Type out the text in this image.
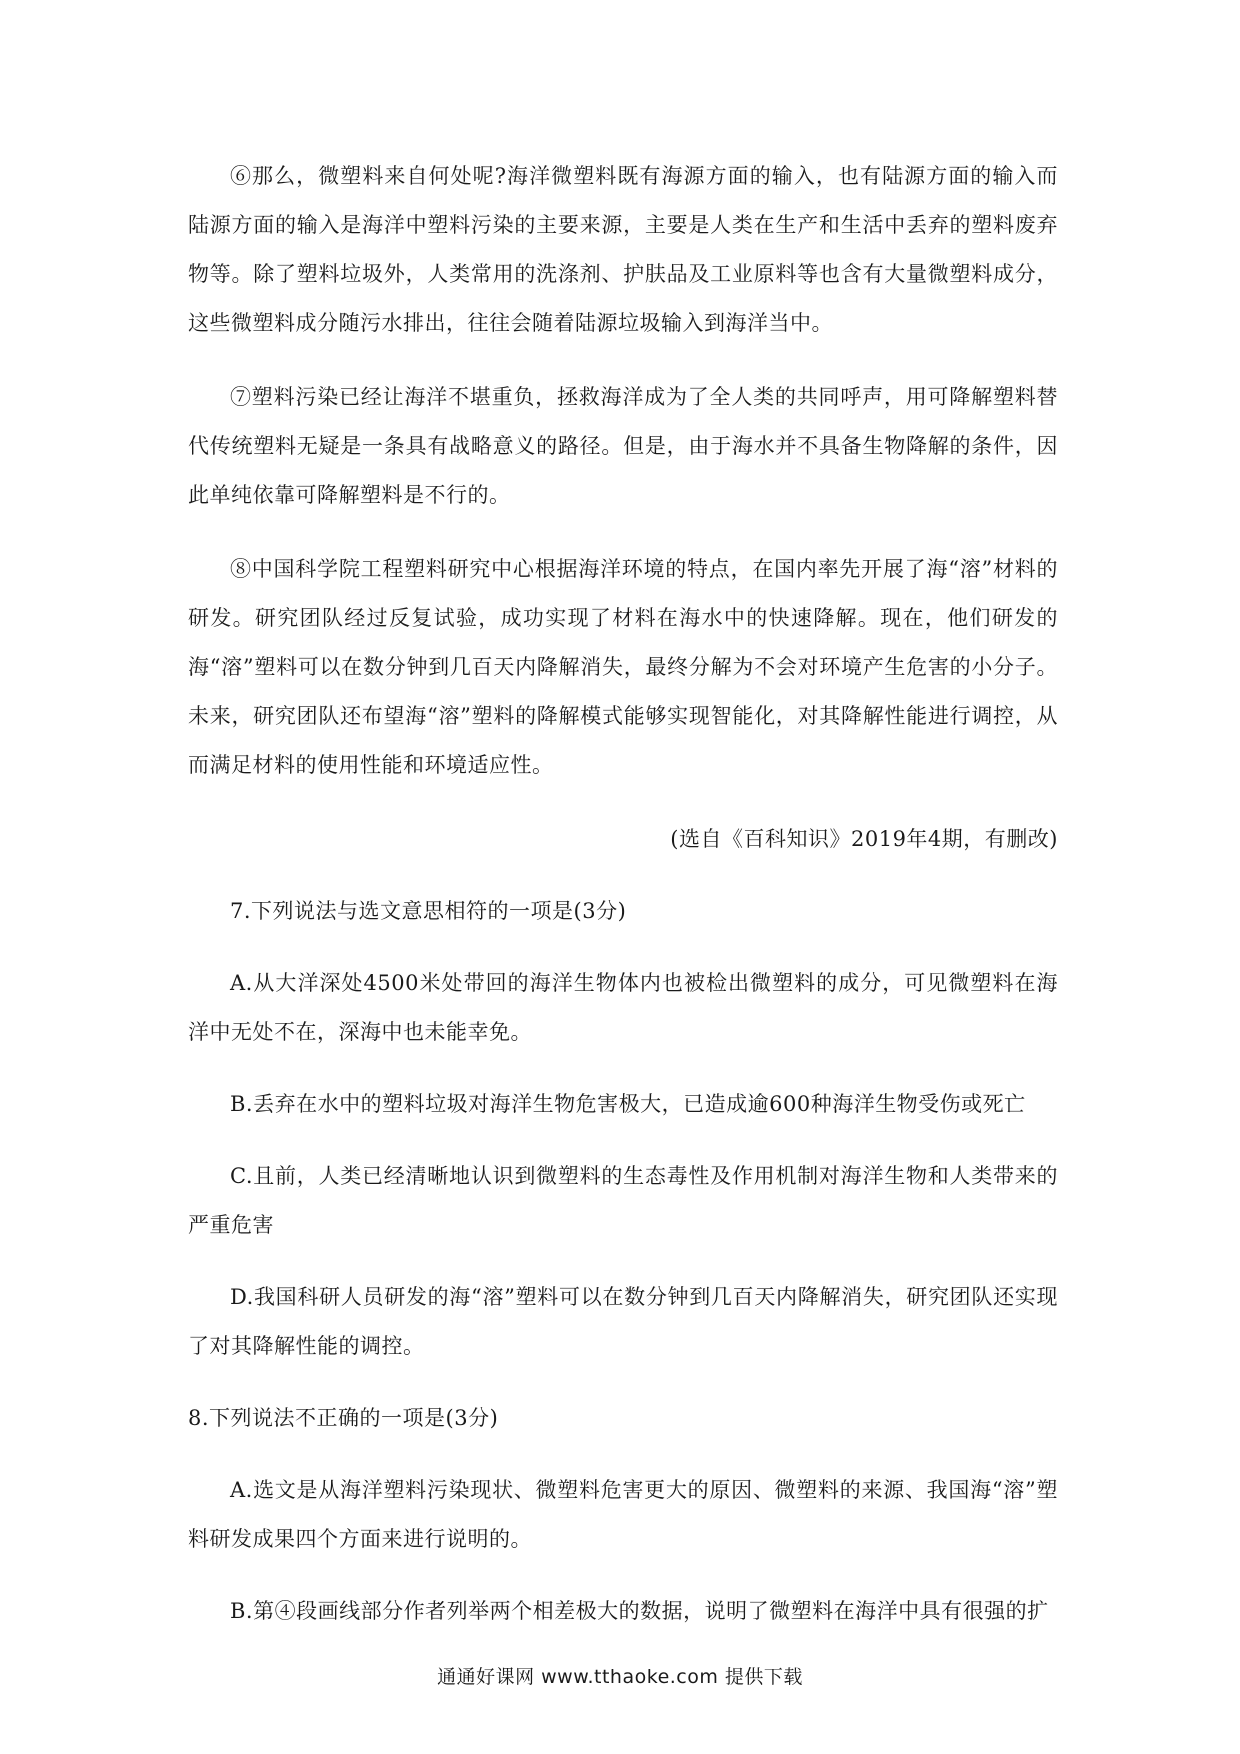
⑥那么，微塑料来自何处呢?海洋微塑料既有海源方面的输入，也有陆源方面的输入而陆源方面的输入是海洋中塑料污染的主要来源，主要是人类在生产和生活中丢弃的塑料废弃物等。除了塑料垃圾外，人类常用的洗涤剂、护肤品及工业原料等也含有大量微塑料成分，这些微塑料成分随污水排出，往往会随着陆源垃圾输入到海洋当中。

⑦塑料污染已经让海洋不堪重负，拯救海洋成为了全人类的共同呼声，用可降解塑料替代传统塑料无疑是一条具有战略意义的路径。但是，由于海水并不具备生物降解的条件，因此单纯依靠可降解塑料是不行的。

⑧中国科学院工程塑料研究中心根据海洋环境的特点，在国内率先开展了海“溶”材料的研发。研究团队经过反复试验，成功实现了材料在海水中的快速降解。现在，他们研发的海“溶”塑料可以在数分钟到几百天内降解消失，最终分解为不会对环境产生危害的小分子。未来，研究团队还布望海“溶”塑料的降解模式能够实现智能化，对其降解性能进行调控，从而满足材料的使用性能和环境适应性。

(选自《百科知识》2019年4期，有删改)

7.下列说法与选文意思相符的一项是(3分)

A.从大洋深处4500米处带回的海洋生物体内也被检出微塑料的成分，可见微塑料在海洋中无处不在，深海中也未能幸免。

B.丢弃在水中的塑料垃圾对海洋生物危害极大，已造成逾600种海洋生物受伤或死亡

C.且前，人类已经清晰地认识到微塑料的生态毒性及作用机制对海洋生物和人类带来的严重危害

D.我国科研人员研发的海“溶”塑料可以在数分钟到几百天内降解消失，研究团队还实现了对其降解性能的调控。

8.下列说法不正确的一项是(3分)

A.选文是从海洋塑料污染现状、微塑料危害更大的原因、微塑料的来源、我国海“溶”塑料研发成果四个方面来进行说明的。

B.第④段画线部分作者列举两个相差极大的数据，说明了微塑料在海洋中具有很强的扩

通通好课网 www.tthaoke.com 提供下载
